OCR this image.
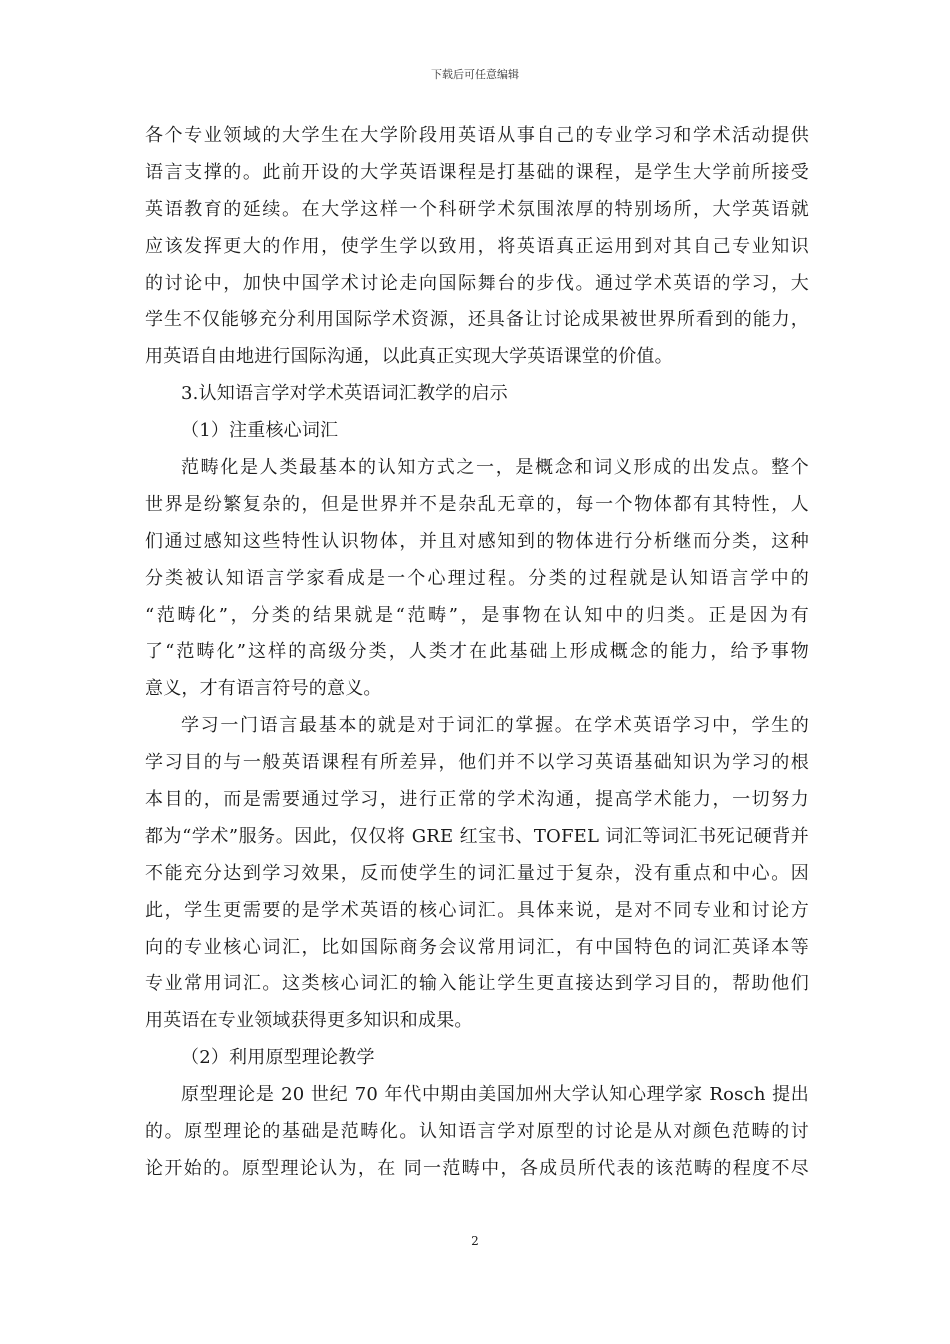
下载后可任意编辑
各个专业领域的大学生在大学阶段用英语从事自己的专业学习和学术活动提供
语言支撑的。此前开设的大学英语课程是打基础的课程，是学生大学前所接受
英语教育的延续。在大学这样一个科研学术氛围浓厚的特别场所，大学英语就
应该发挥更大的作用，使学生学以致用，将英语真正运用到对其自己专业知识
的讨论中，加快中国学术讨论走向国际舞台的步伐。通过学术英语的学习，大
学生不仅能够充分利用国际学术资源，还具备让讨论成果被世界所看到的能力，
用英语自由地进行国际沟通，以此真正实现大学英语课堂的价值。
3.认知语言学对学术英语词汇教学的启示
（1）注重核心词汇
范畴化是人类最基本的认知方式之一，是概念和词义形成的出发点。整个
世界是纷繁复杂的，但是世界并不是杂乱无章的，每一个物体都有其特性，人
们通过感知这些特性认识物体，并且对感知到的物体进行分析继而分类，这种
分类被认知语言学家看成是一个心理过程。分类的过程就是认知语言学中的
“范畴化”，分类的结果就是“范畴”，是事物在认知中的归类。正是因为有
了“范畴化”这样的高级分类，人类才在此基础上形成概念的能力，给予事物
意义，才有语言符号的意义。
学习一门语言最基本的就是对于词汇的掌握。在学术英语学习中，学生的
学习目的与一般英语课程有所差异，他们并不以学习英语基础知识为学习的根
本目的，而是需要通过学习，进行正常的学术沟通，提高学术能力，一切努力
都为“学术”服务。因此，仅仅将 GRE 红宝书、TOFEL 词汇等词汇书死记硬背并
不能充分达到学习效果，反而使学生的词汇量过于复杂，没有重点和中心。因
此，学生更需要的是学术英语的核心词汇。具体来说，是对不同专业和讨论方
向的专业核心词汇，比如国际商务会议常用词汇，有中国特色的词汇英译本等
专业常用词汇。这类核心词汇的输入能让学生更直接达到学习目的，帮助他们
用英语在专业领域获得更多知识和成果。
（2）利用原型理论教学
原型理论是 20 世纪 70 年代中期由美国加州大学认知心理学家 Rosch 提出
的。原型理论的基础是范畴化。认知语言学对原型的讨论是从对颜色范畴的讨
论开始的。原型理论认为，在 同一范畴中，各成员所代表的该范畴的程度不尽
2
